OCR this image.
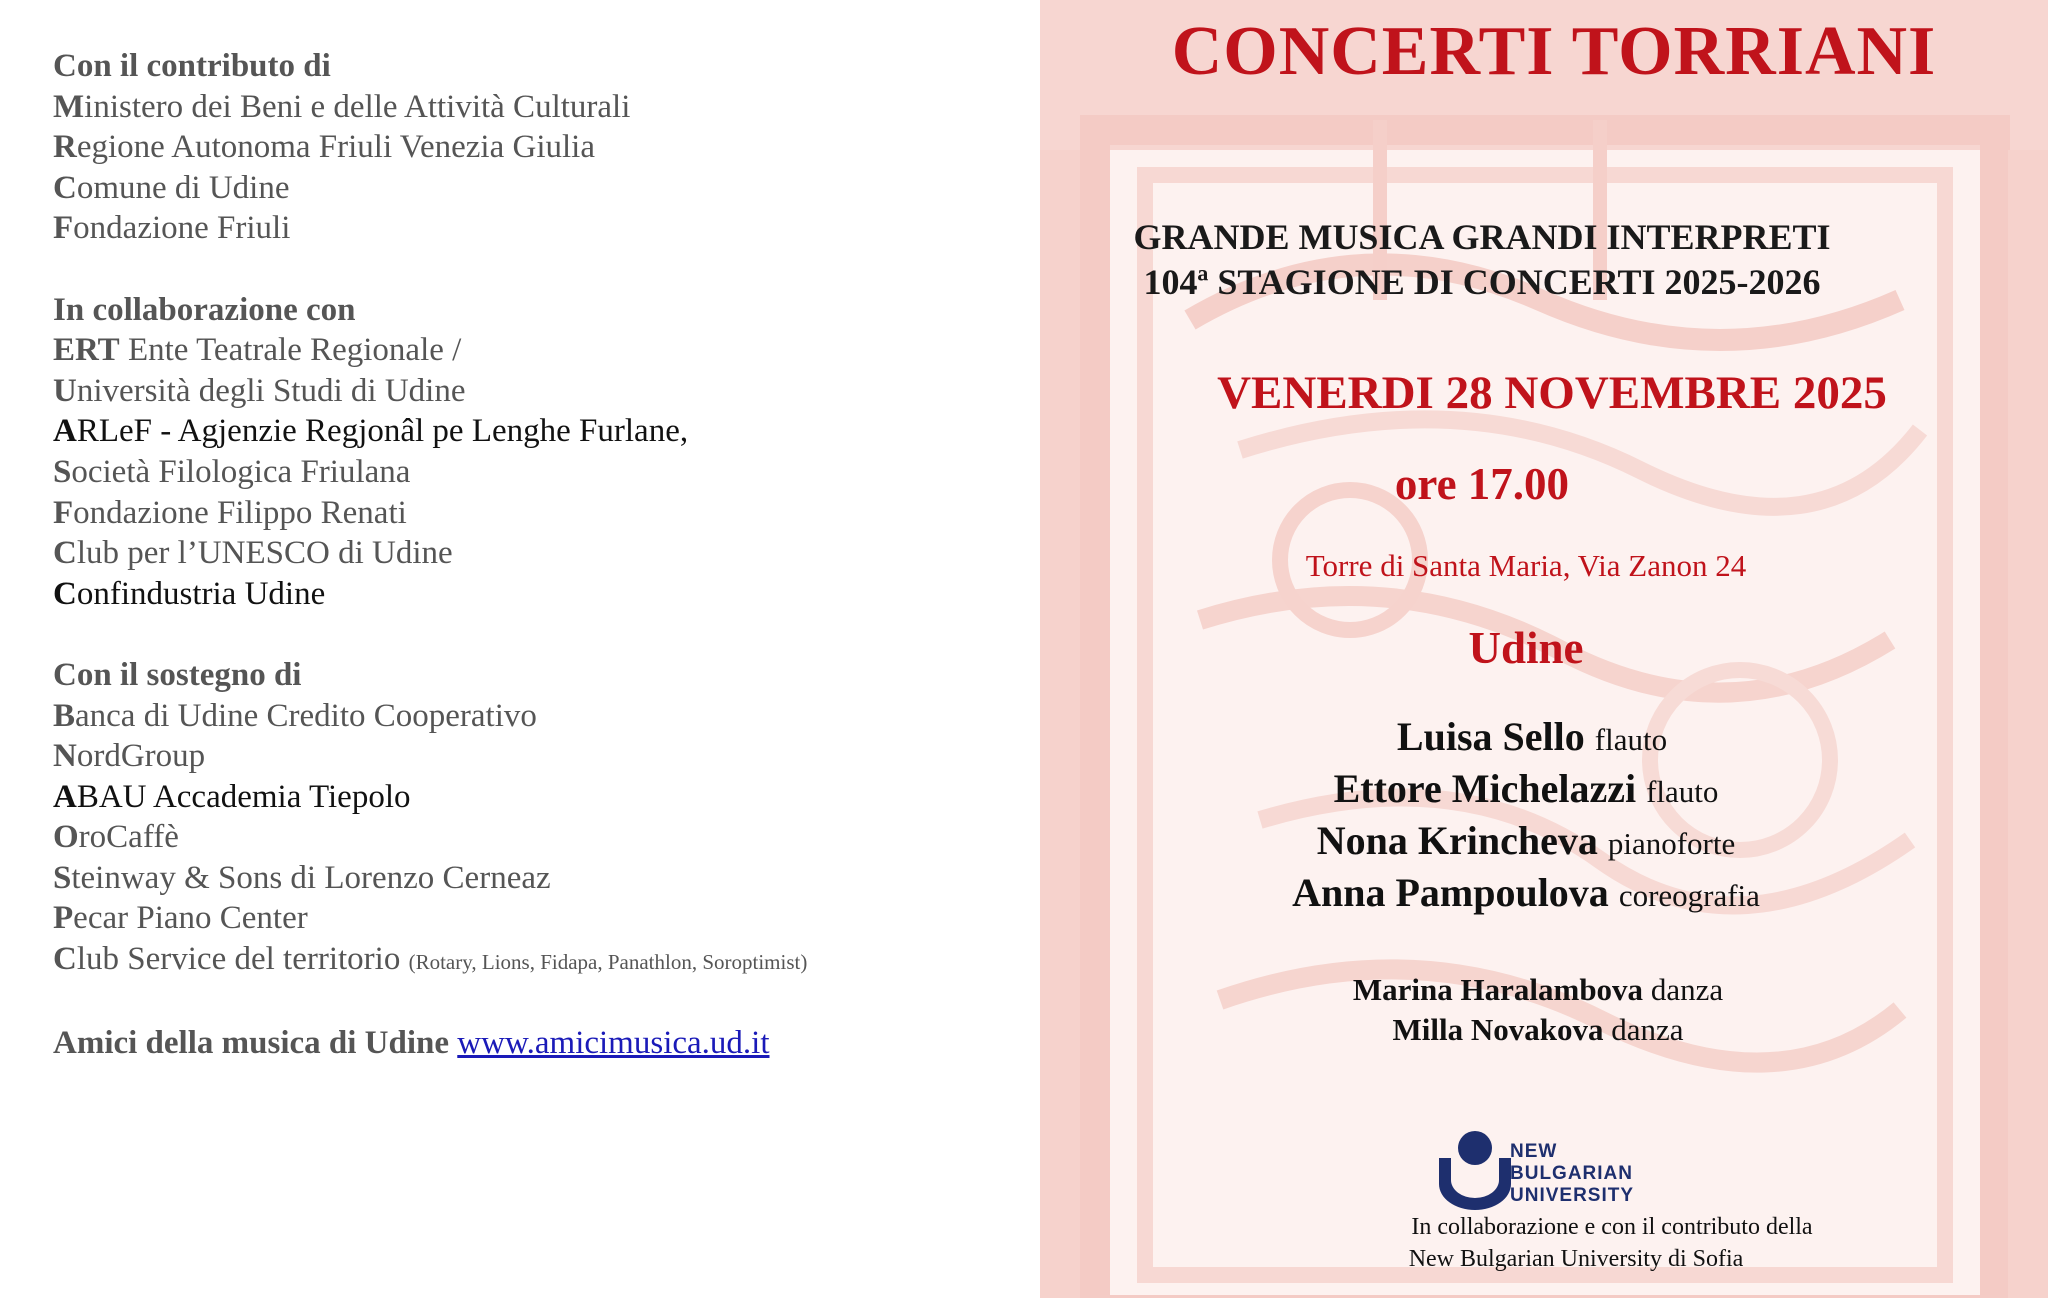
Con il contributo di
Ministero dei Beni e delle Attività Culturali
Regione Autonoma Friuli Venezia Giulia
Comune di Udine
Fondazione Friuli
In collaborazione con
ERT Ente Teatrale Regionale /
Università degli Studi di Udine
ARLeF - Agjenzie Regjonâl pe Lenghe Furlane,
Società Filologica Friulana
Fondazione Filippo Renati
Club per l’UNESCO di Udine
Confindustria Udine
Con il sostegno di
Banca di Udine Credito Cooperativo
NordGroup
ABAU Accademia Tiepolo
OroCaffè
Steinway & Sons di Lorenzo Cerneaz
Pecar Piano Center
Club Service del territorio (Rotary, Lions, Fidapa, Panathlon, Soroptimist)
Amici della musica di Udine www.amicimusica.ud.it
CONCERTI TORRIANI
GRANDE MUSICA GRANDI INTERPRETI
104ª STAGIONE DI CONCERTI 2025-2026
VENERDI 28 NOVEMBRE 2025
ore 17.00
Torre di Santa Maria, Via Zanon 24
Udine
Luisa Sello flauto
Ettore Michelazzi flauto
Nona Krincheva pianoforte
Anna Pampoulova coreografia
Marina Haralambova danza
Milla Novakova danza
NEW
BULGARIAN
UNIVERSITY
In collaborazione e con il contributo della
New Bulgarian University di Sofia
